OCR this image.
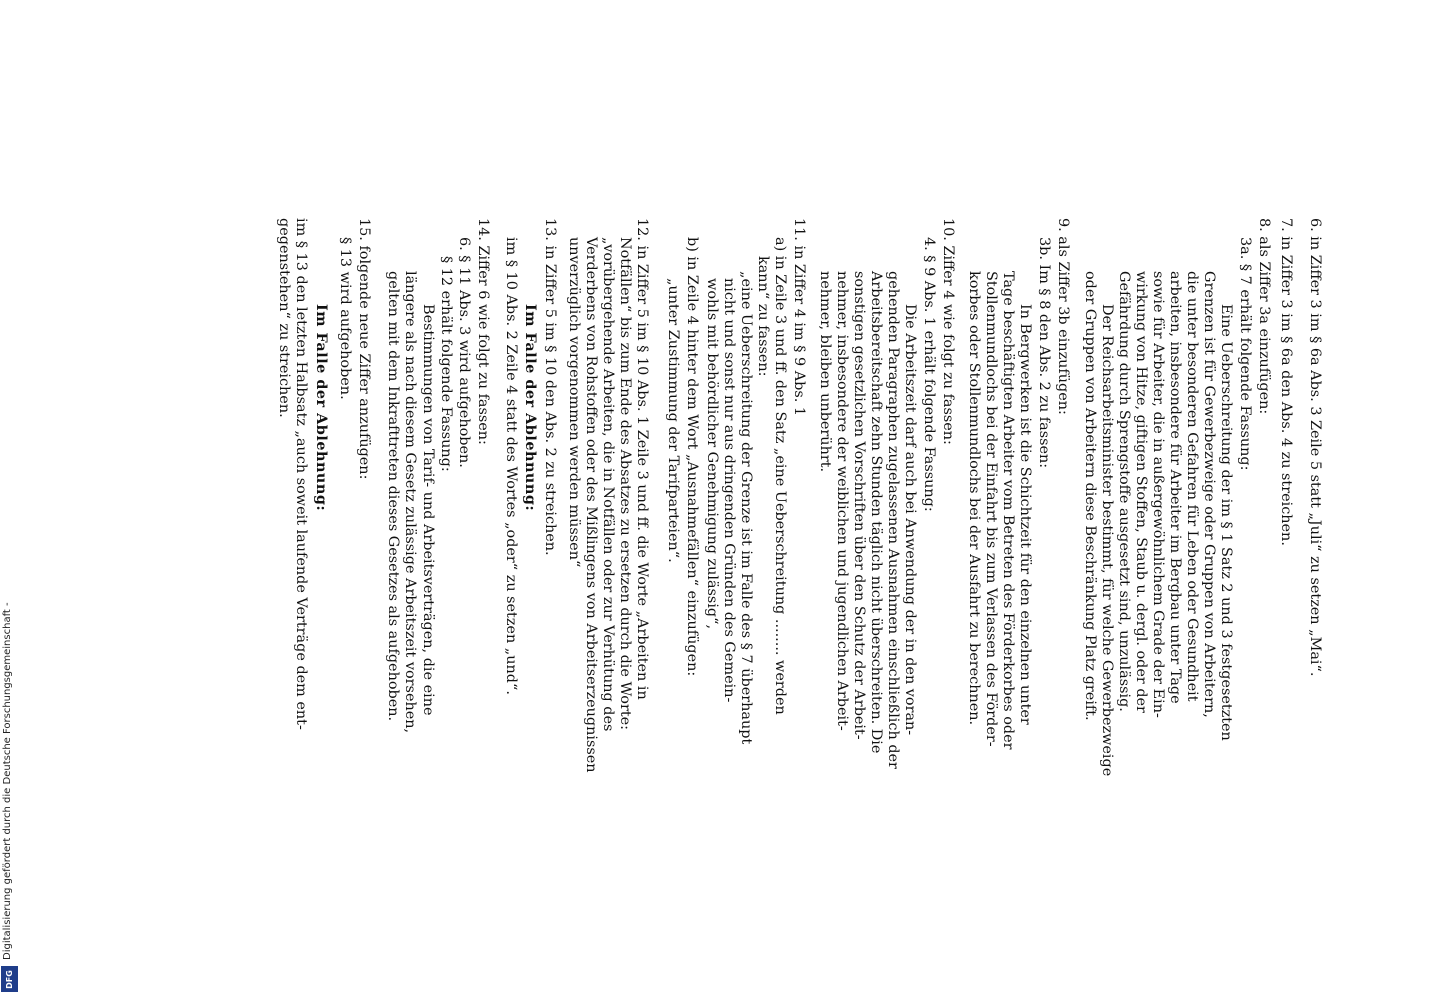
Digitalisierung gefördert durch die Deutsche Forschungsgemeinschaft -
DFG
6. in Ziffer 3 im § 6a Abs. 3 Zeile 5 statt „Juli“ zu setzen „Mai“.
7. in Ziffer 3 im § 6a den Abs. 4 zu streichen.
8. als Ziffer 3a einzufügen:
3a. § 7 erhält folgende Fassung:
Eine Ueberschreitung der im § 1 Satz 2 und 3 festgesetzten
Grenzen ist für Gewerbezweige oder Gruppen von Arbeitern,
die unter besonderen Gefahren für Leben oder Gesundheit
arbeiten, insbesondere für Arbeiter im Bergbau unter Tage
sowie für Arbeiter, die in außergewöhnlichem Grade der Ein-
wirkung von Hitze, giftigen Stoffen, Staub u. dergl. oder der
Gefährdung durch Sprengstoffe ausgesetzt sind, unzulässig.
Der Reichsarbeitsminister bestimmt, für welche Gewerbezweige
oder Gruppen von Arbeitern diese Beschränkung Platz greift.
9. als Ziffer 3b einzufügen:
3b. Im § 8 den Abs. 2 zu fassen:
In Bergwerken ist die Schichtzeit für den einzelnen unter
Tage beschäftigten Arbeiter vom Betreten des Förderkorbes oder
Stollenmundlochs bei der Einfahrt bis zum Verlassen des Förder-
korbes oder Stollenmundlochs bei der Ausfahrt zu berechnen.
10. Ziffer 4 wie folgt zu fassen:
4. § 9 Abs. 1 erhält folgende Fassung:
Die Arbeitszeit darf auch bei Anwendung der in den voran-
gehenden Paragraphen zugelassenen Ausnahmen einschließlich der
Arbeitsbereitschaft zehn Stunden täglich nicht überschreiten. Die
sonstigen gesetzlichen Vorschriften über den Schutz der Arbeit-
nehmer, insbesondere der weiblichen und jugendlichen Arbeit-
nehmer, bleiben unberührt.
11. in Ziffer 4 im § 9 Abs. 1
a) in Zeile 3 und ff. den Satz „eine Ueberschreitung ........ werden
kann“ zu fassen:
„eine Ueberschreitung der Grenze ist im Falle des § 7 überhaupt
nicht und sonst nur aus dringenden Gründen des Gemein-
wohls mit behördlicher Genehmigung zulässig“,
b) in Zeile 4 hinter dem Wort „Ausnahmefällen“ einzufügen:
„unter Zustimmung der Tarifparteien“.
12. in Ziffer 5 im § 10 Abs. 1 Zeile 3 und ff. die Worte „Arbeiten in
Notfällen“ bis zum Ende des Absatzes zu ersetzen durch die Worte:
„vorübergehende Arbeiten, die in Notfällen oder zur Verhütung des
Verderbens von Rohstoffen oder des Mißlingens von Arbeitserzeugnissen
unverzüglich vorgenommen werden müssen“
13. in Ziffer 5 im § 10 den Abs. 2 zu streichen.
Im Falle der Ablehnung:
im § 10 Abs. 2 Zeile 4 statt des Wortes „oder“ zu setzen „und“.
14. Ziffer 6 wie folgt zu fassen:
6. § 11 Abs. 3 wird aufgehoben.
§ 12 erhält folgende Fassung:
Bestimmungen von Tarif- und Arbeitsverträgen, die eine
längere als nach diesem Gesetz zulässige Arbeitszeit vorsehen,
gelten mit dem Inkrafttreten dieses Gesetzes als aufgehoben.
15. folgende neue Ziffer anzufügen:
§ 13 wird aufgehoben.
Im Falle der Ablehnung:
im § 13 den letzten Halbsatz „auch soweit laufende Verträge dem ent-
gegenstehen“ zu streichen.
